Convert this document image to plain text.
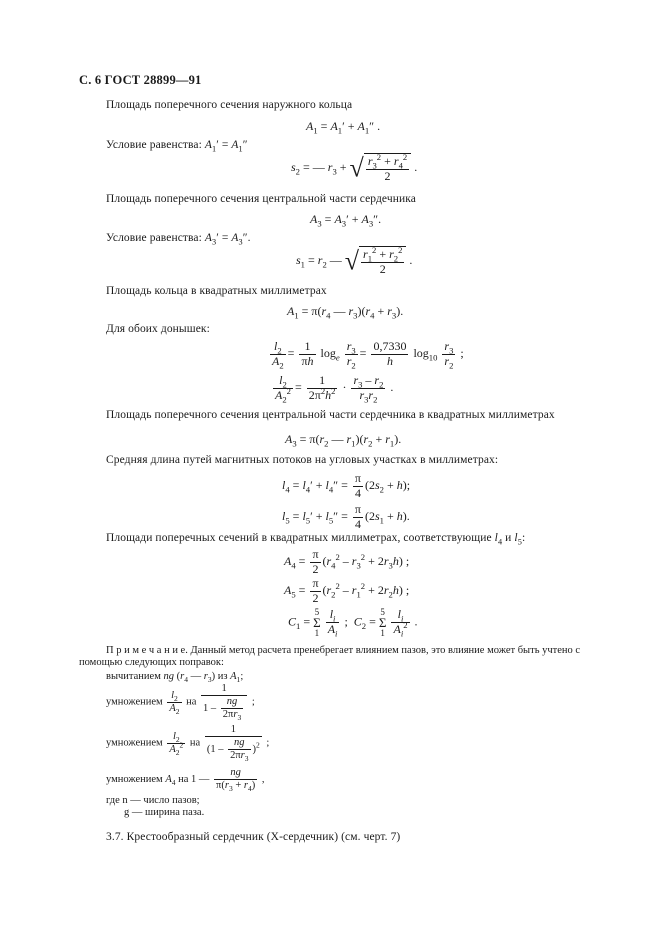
С. 6 ГОСТ 28899—91
Площадь поперечного сечения наружного кольца
$A_1 = A_1' + A_1''$ .
Условие равенства: $A_1' = A_1''$
$s_2$ = — $r_3$ + √ $\frac{r_3^2 + r_4^2}{2}$ .
Площадь поперечного сечения центральной части сердечника
$A_3 = A_3' + A_3''$.
Условие равенства: $A_3' = A_3''$.
$s_1 = r_2$ — √ $\frac{r_1^2 + r_2^2}{2}$ .
Площадь кольца в квадратных миллиметрах
$A_1 = \pi(r_4$ — $r_3)(r_4 + r_3)$.
Для обоих донышек:
$\frac{l_2}{A_2} = \frac{1}{\pi h} \log_e \frac{r_3}{r_2} = \frac{0,7330}{h} \log_{10} \frac{r_3}{r_2}$ ;
$\frac{l_2}{A_2^2} = \frac{1}{2\pi^2h^2} \cdot \frac{r_3 - r_2}{r_3r_2}$ .
Площадь поперечного сечения центральной части сердечника в квадратных миллиметрах
$A_3 = \pi(r_2$ — $r_1)(r_2 + r_1)$.
Средняя длина путей магнитных потоков на угловых участках в миллиметрах:
$l_4 = l_4' + l_4'' = \frac{\pi}{4} (2s_2 + h)$;
$l_5 = l_5' + l_5'' = \frac{\pi}{4} (2s_1 + h)$.
Площади поперечных сечений в квадратных миллиметрах, соответствующие $l_4$ и $l_5$:
$A_4 = \frac{\pi}{2} (r_4^2 - r_3^2 + 2r_3h)$ ;
$A_5 = \frac{\pi}{2} (r_2^2 - r_1^2 + 2r_2h)$ ;
$C_1 = 5$
Σ
$1 \frac{l_i}{A_i}$ ;  $C_2 = 5$
Σ
$1 \frac{l_i}{A_i^2}$ .
П р и м е ч а н и е. Данный метод расчета пренебрегает влиянием пазов, это влияние может быть учтено с
помощью следующих поправок:
вычитанием ng ($r_4$ — $r_3$) из $A_1$;
умножением $\frac{l_2}{A_2}$ на $\frac{1}{1 - \frac{ng}{2\pi r_3}}$ ;
умножением $\frac{l_2}{A_2^2}$ на $\frac{1}{(1 - \frac{ng}{2\pi r_3} )^2}$ ;
умножением $A_4$ на 1 — $\frac{ng}{\pi(r_3 + r_4)}$ ,
где n — число пазов;
g — ширина паза.
3.7. Крестообразный сердечник (Х-сердечник) (см. черт. 7)
